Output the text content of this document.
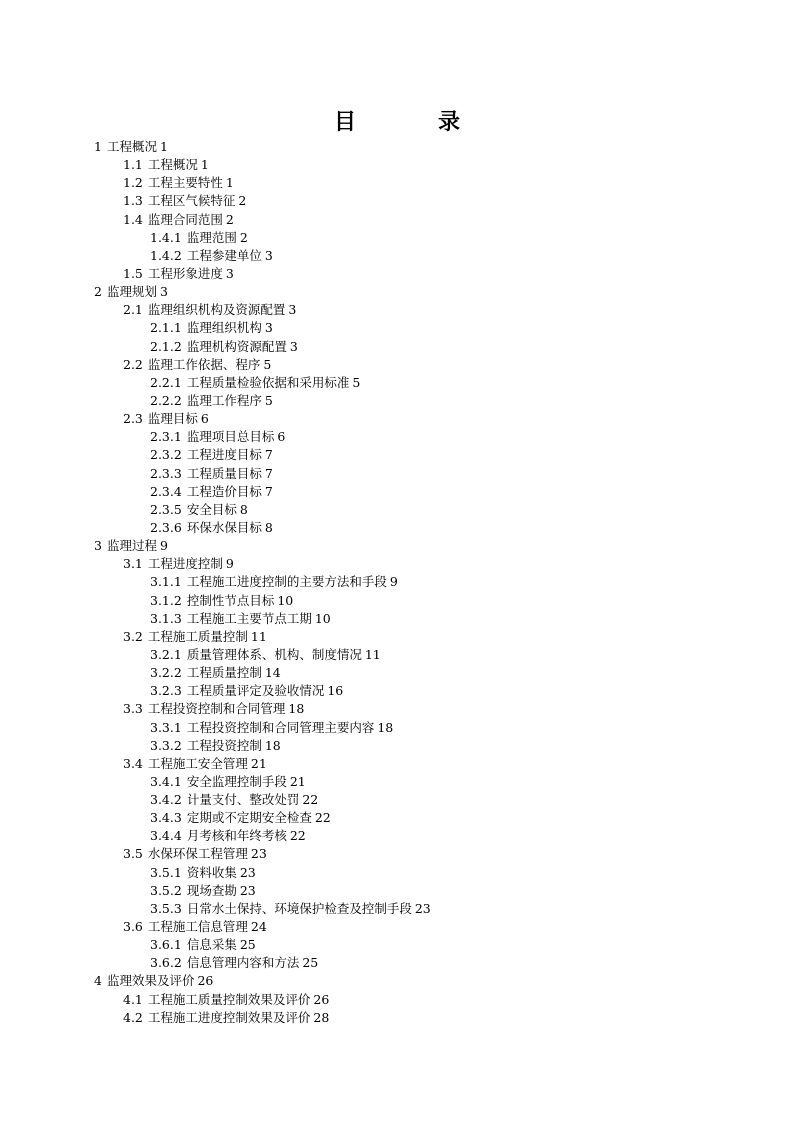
目　录
1 工程概况 1
1.1 工程概况 1
1.2 工程主要特性 1
1.3 工程区气候特征 2
1.4 监理合同范围 2
1.4.1 监理范围 2
1.4.2 工程参建单位 3
1.5 工程形象进度 3
2 监理规划 3
2.1 监理组织机构及资源配置 3
2.1.1 监理组织机构 3
2.1.2 监理机构资源配置 3
2.2 监理工作依据、程序 5
2.2.1 工程质量检验依据和采用标准 5
2.2.2 监理工作程序 5
2.3 监理目标 6
2.3.1 监理项目总目标 6
2.3.2 工程进度目标 7
2.3.3 工程质量目标 7
2.3.4 工程造价目标 7
2.3.5 安全目标 8
2.3.6 环保水保目标 8
3 监理过程 9
3.1 工程进度控制 9
3.1.1 工程施工进度控制的主要方法和手段 9
3.1.2 控制性节点目标 10
3.1.3 工程施工主要节点工期 10
3.2 工程施工质量控制 11
3.2.1 质量管理体系、机构、制度情况 11
3.2.2 工程质量控制 14
3.2.3 工程质量评定及验收情况 16
3.3 工程投资控制和合同管理 18
3.3.1 工程投资控制和合同管理主要内容 18
3.3.2 工程投资控制 18
3.4 工程施工安全管理 21
3.4.1 安全监理控制手段 21
3.4.2 计量支付、整改处罚 22
3.4.3 定期或不定期安全检查 22
3.4.4 月考核和年终考核 22
3.5 水保环保工程管理 23
3.5.1 资料收集 23
3.5.2 现场查勘 23
3.5.3 日常水土保持、环境保护检查及控制手段 23
3.6 工程施工信息管理 24
3.6.1 信息采集 25
3.6.2 信息管理内容和方法 25
4 监理效果及评价 26
4.1 工程施工质量控制效果及评价 26
4.2 工程施工进度控制效果及评价 28
